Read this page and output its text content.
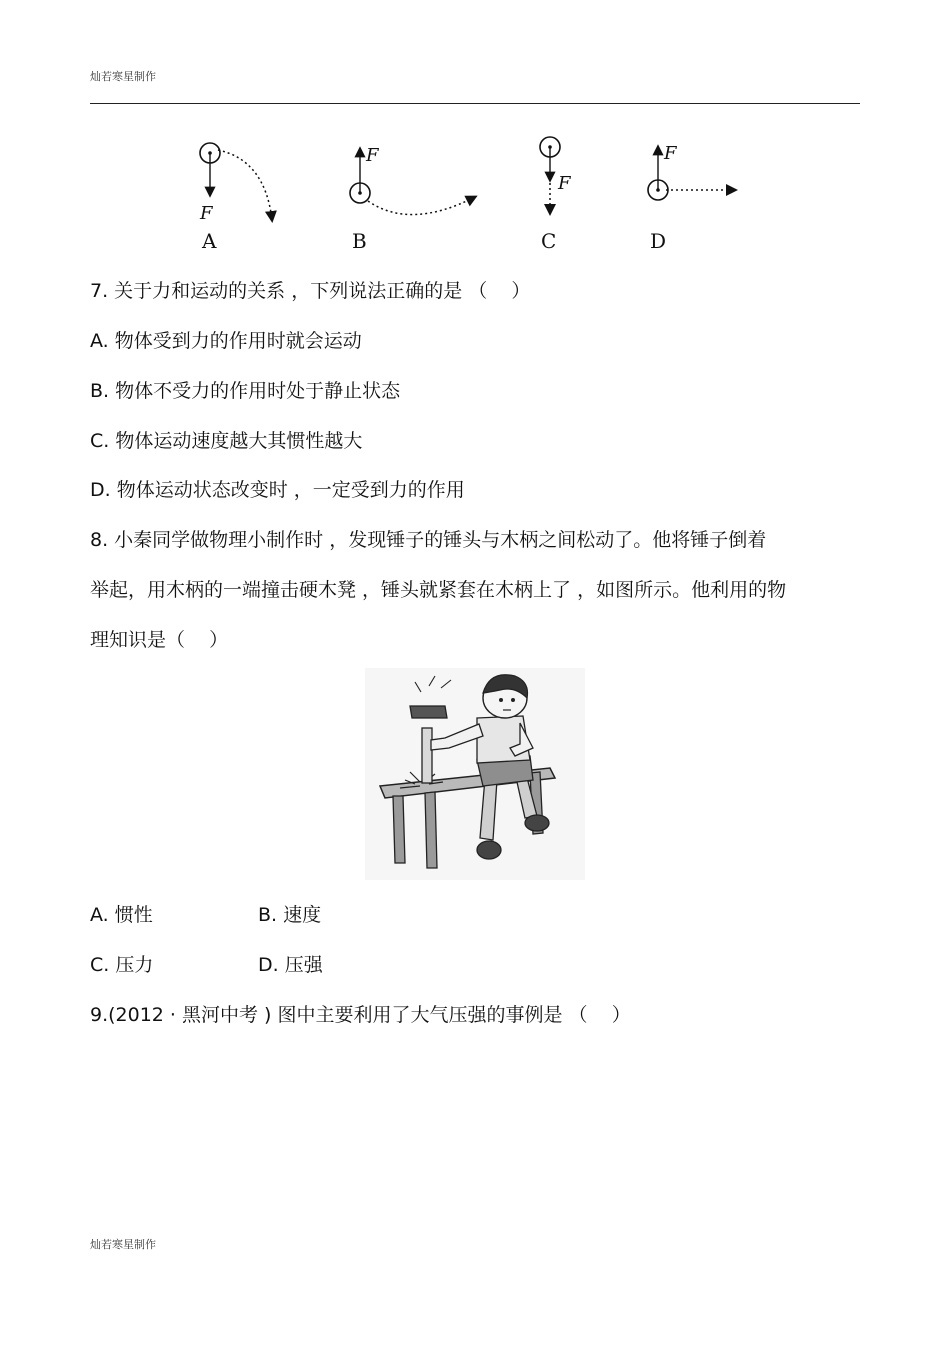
灿若寒星制作
F
A
F
B
F
C
F
D
7. 关于力和运动的关系 ，下列说法正确的是 （    ）
A. 物体受到力的作用时就会运动
B. 物体不受力的作用时处于静止状态
C. 物体运动速度越大其惯性越大
D. 物体运动状态改变时 ，一定受到力的作用
8. 小秦同学做物理小制作时 ，发现锤子的锤头与木柄之间松动了。他将锤子倒着
举起，用木柄的一端撞击硬木凳 ，锤头就紧套在木柄上了 ，如图所示。他利用的物
理知识是（    ）
A. 惯性	B. 速度
C. 压力	D. 压强
9.(2012 · 黑河中考 ) 图中主要利用了大气压强的事例是 （    ）
灿若寒星制作
